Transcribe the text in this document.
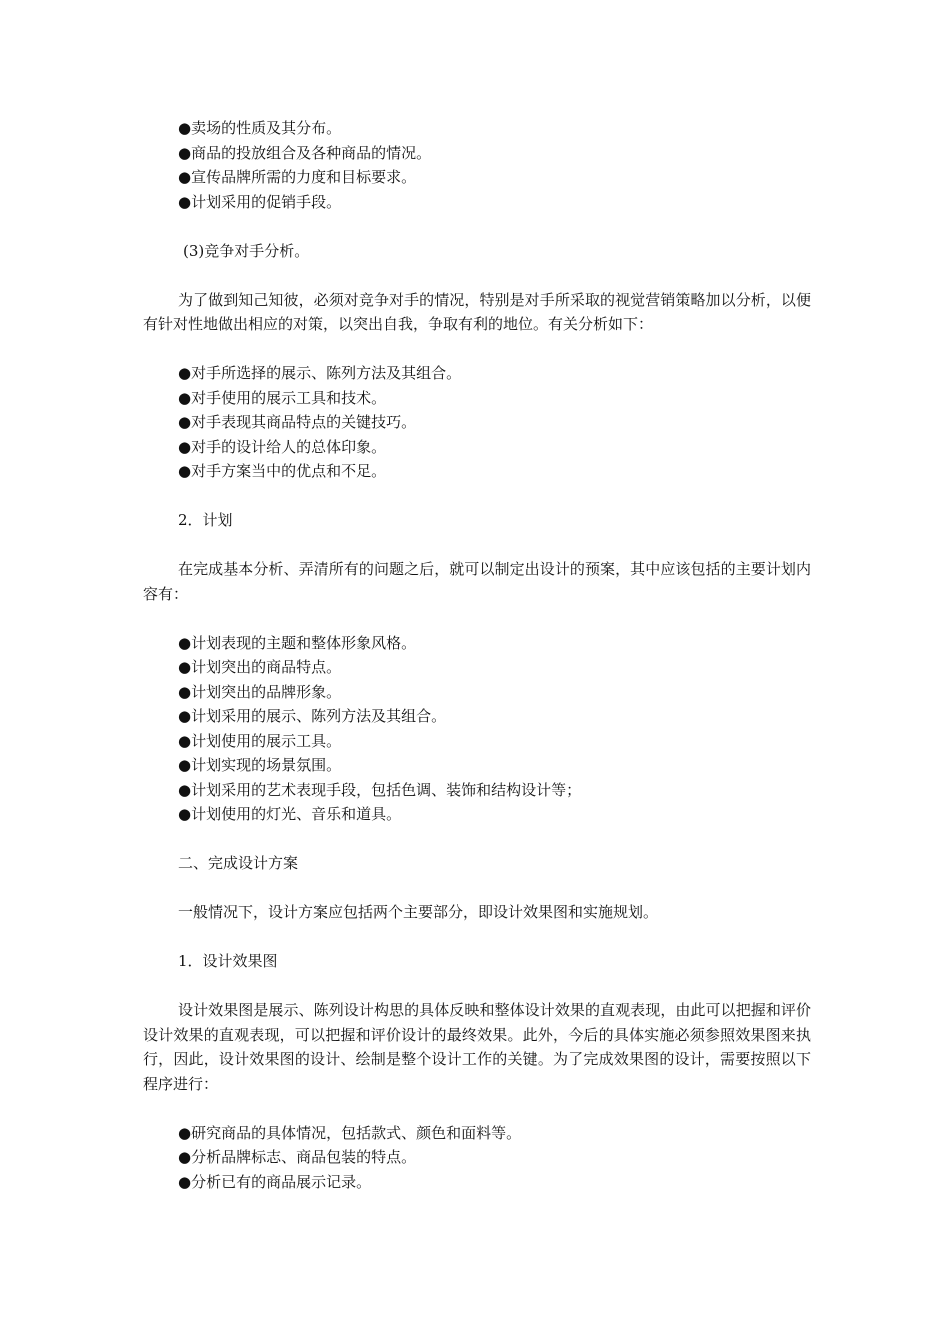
●卖场的性质及其分布。
●商品的投放组合及各种商品的情况。
●宣传品牌所需的力度和目标要求。
●计划采用的促销手段。
(3)竞争对手分析。
为了做到知己知彼，必须对竞争对手的情况，特别是对手所采取的视觉营销策略加以分析，以便有针对性地做出相应的对策，以突出自我，争取有利的地位。有关分析如下：
●对手所选择的展示、陈列方法及其组合。
●对手使用的展示工具和技术。
●对手表现其商品特点的关键技巧。
●对手的设计给人的总体印象。
●对手方案当中的优点和不足。
2．计划
在完成基本分析、弄清所有的问题之后，就可以制定出设计的预案，其中应该包括的主要计划内容有：
●计划表现的主题和整体形象风格。
●计划突出的商品特点。
●计划突出的品牌形象。
●计划采用的展示、陈列方法及其组合。
●计划使用的展示工具。
●计划实现的场景氛围。
●计划采用的艺术表现手段，包括色调、装饰和结构设计等；
●计划使用的灯光、音乐和道具。
二、完成设计方案
一般情况下，设计方案应包括两个主要部分，即设计效果图和实施规划。
1．设计效果图
设计效果图是展示、陈列设计构思的具体反映和整体设计效果的直观表现，由此可以把握和评价设计效果的直观表现，可以把握和评价设计的最终效果。此外，今后的具体实施必须参照效果图来执行，因此，设计效果图的设计、绘制是整个设计工作的关键。为了完成效果图的设计，需要按照以下程序进行：
●研究商品的具体情况，包括款式、颜色和面料等。
●分析品牌标志、商品包装的特点。
●分析已有的商品展示记录。
